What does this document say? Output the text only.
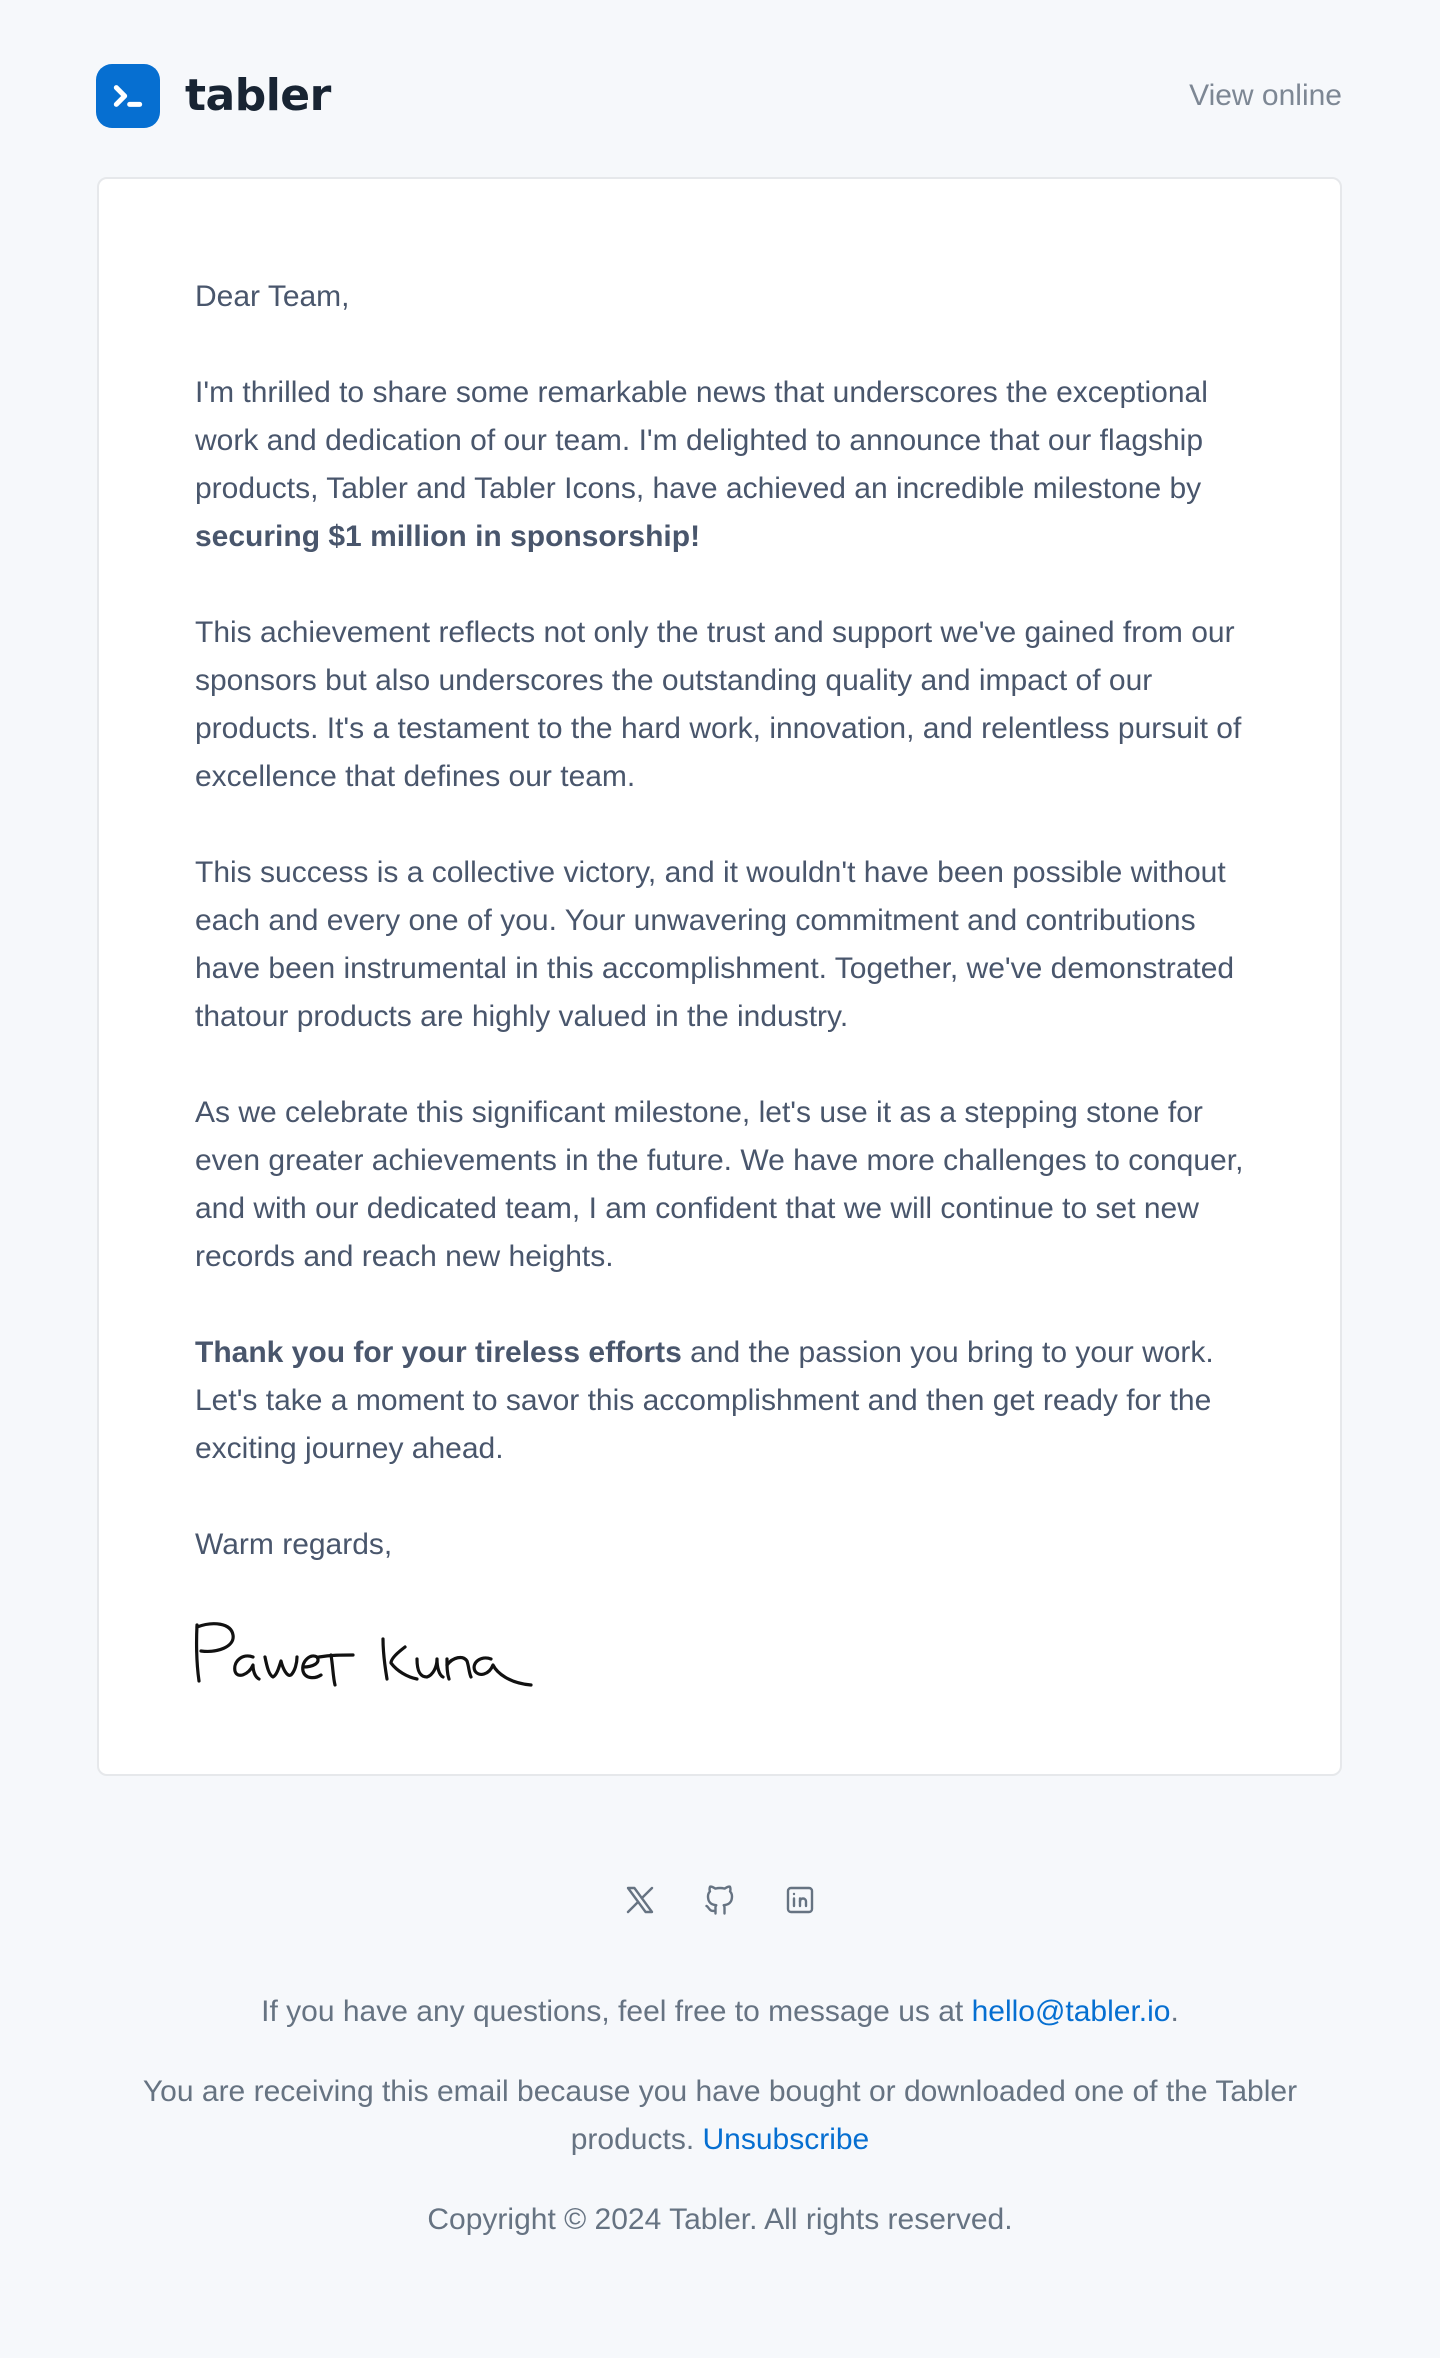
tabler	View online

Dear Team,

I'm thrilled to share some remarkable news that underscores the exceptional work and dedication of our team. I'm delighted to announce that our flagship products, Tabler and Tabler Icons, have achieved an incredible milestone by securing $1 million in sponsorship!

This achievement reflects not only the trust and support we've gained from our sponsors but also underscores the outstanding quality and impact of our products. It's a testament to the hard work, innovation, and relentless pursuit of excellence that defines our team.

This success is a collective victory, and it wouldn't have been possible without each and every one of you. Your unwavering commitment and contributions have been instrumental in this accomplishment. Together, we've demonstrated thatour products are highly valued in the industry.

As we celebrate this significant milestone, let's use it as a stepping stone for even greater achievements in the future. We have more challenges to conquer, and with our dedicated team, I am confident that we will continue to set new records and reach new heights.

Thank you for your tireless efforts and the passion you bring to your work. Let's take a moment to savor this accomplishment and then get ready for the exciting journey ahead.

Warm regards,

If you have any questions, feel free to message us at hello@tabler.io.

You are receiving this email because you have bought or downloaded one of the Tabler products. Unsubscribe

Copyright © 2024 Tabler. All rights reserved.
